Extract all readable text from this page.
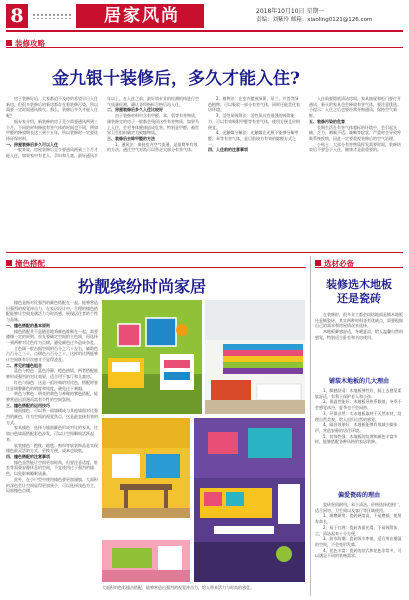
8	居家风尚	2018年10月10日 星期一
责编：刘紫玲 邮箱：xiaoling0121@126.com
装修攻略
金九银十装修后，多久才能入住?

房子装修好后，大家都迫不及待的希望早日入住新房。但很多装修后的新房都存在着装修污染，所以需要一定时间通风换气。那么，装修后多久才能入住呢？

据专家介绍，新装修的房子至少需要通风两到三个月。不同的材料释放有害气体的时间也不同，例如甲醛的释放期长达三到十五年，所以装修时一定要选择环保材料。

一、房屋装修后多久可以入住

一般来说，房屋装修后至少要通风两到三个月才能入住。如果家中有老人、孕妇和儿童，最好通风半年以上。在入住之前，最好请专业的检测机构进行空气质量检测，确认各项指标合格后再入住。

二、房屋装修后多久入住比较好

由于装修材料中含有甲醛、苯、氨等有害物质，刚装修完的房子一般都会残留这些有害物质，如果马上入住，会对身体健康造成危害。特别是甲醛，被世界卫生组织确定为致癌物质。

三、装修后去除甲醛的方法

1、通风法：保持室内空气流通，是最简单有效的方法，通过空气对流可以带走大部分有害气体。

2、植物法：在室内摆放绿萝、吊兰、芦荟等绿色植物，可以吸收一部分有害气体，同时还能美化家居环境。

3、活性炭吸附法：活性炭具有很强的吸附能力，可以有效吸附甲醛等有害气体，使用方便且价格便宜。

4、光触媒分解法：光触媒在光照下能够分解甲醛、苯等有害气体，是目前较为有效的除醛方式之一。

四、入住前的注意事项

入住前要彻底清洁房间，家具抽屉和柜门要打开通风。新买的家具也会释放有害气体，要注意挑选。小提示：入住之后也要经常开窗通风，保持空气新鲜。

五、装修污染的危害

长期生活在有害气体超标的环境中，会引起头痛、乏力、咽喉不适、咳嗽等症状，严重时会导致呼吸系统疾病，因此一定要重视装修后的空气治理。

小贴士：大部分有害物质挥发需要时间，装修结束后不要急于入住，健康才是最重要的。

撞色搭配
扮靓缤纷时尚家居

撞色是指对比强烈的颜色搭配在一起，能够营造出强烈的视觉冲击力。在家居设计中，合理的撞色搭配能够让空间充满活力与时尚感，展现居住者的个性与品味。

一、撞色搭配的基本原则

撞色搭配并不是随意地将颜色堆砌在一起，需要遵循一定的原则。首先要确定空间的主色调，再选择一到两种对比色作为点缀，避免颜色过多造成杂乱。

主色调一般占据空间的百分之六十左右，辅助色占百分之三十，点缀色占百分之十。这样的比例能够让空间既有层次感又不显得凌乱。

二、常见的撞色组合

蓝色与橙色：蓝色冷静，橙色热情，两者搭配能够形成强烈的对比效果，适合用于客厅和儿童房。

红色与绿色：这是一组经典的对比色，搭配时要注意调整颜色的明度和纯度，避免过于刺眼。

黄色与紫色：明亮的黄色与神秘的紫色搭配，能够营造出浪漫而富有个性的空间氛围。

三、撞色搭配的运用技巧

墙面撞色：可以将一面墙刷成与其他墙面对比强烈的颜色，作为空间的视觉焦点，这是最直接有效的方式。

家具撞色：选择与墙面颜色形成对比的家具，比如白色墙面搭配彩色沙发，可以让空间瞬间活跃起来。

软装撞色：抱枕、地毯、窗帘等软装饰品是实现撞色最灵活的方式，更换方便，成本也较低。

四、撞色搭配的注意事项

撞色虽然能让空间更加时尚，但要注意适度。卧室等需要安静休息的空间，不宜使用过于强烈的撞色，以免影响睡眠质量。

此外，在小户型中使用撞色要更加谨慎，大面积的深色会让空间显得更加狭小，可以选择浅色为主，局部撞色点缀。

大面积的色彩撞击搭配，能够营造出强烈的视觉冲击力，给人带来活力与时尚的感受。
选材必备
装修选木地板
还是瓷砖

在装修时，很多业主都会纠结地面是铺木地板还是铺瓷砖。其实两种材料各有优缺点，需要根据自己的需求和房屋情况来选择。

木地板脚感舒适，冬暖夏凉，给人温馨自然的感觉，特别适合卧室和书房使用。

铺装木地板的几大理由

1、脚感舒适：木地板弹性好，踩上去感觉柔软舒适，有利于保护老人和小孩。

2、保温性能好：木地板导热系数低，冬季不会感觉冰冷，夏季也不会闷热。

3、环保自然：实木地板取材于天然木材，纹理自然美观，给人回归自然的感觉。

4、隔音效果好：木地板能够有效减少脚步声，营造安静的居住环境。

5、装饰性强：木地板的纹理和颜色丰富多样，能够搭配各种风格的家居装修。

偏爱瓷砖的理由

瓷砖坚固耐用，易于清洁，价格选择范围广，适合厨房、卫生间以及客厅等区域使用。

1、耐磨耐用：瓷砖硬度高，不易磨损，使用寿命长。

2、易于打理：瓷砖表面光滑，不易吸附灰尘，清洁起来十分方便。

3、防水防潮：瓷砖吸水率低，适合用在潮湿的空间，不会变形发霉。

4、花色丰富：瓷砖的款式和花色非常多，可以满足不同的装修需求。
